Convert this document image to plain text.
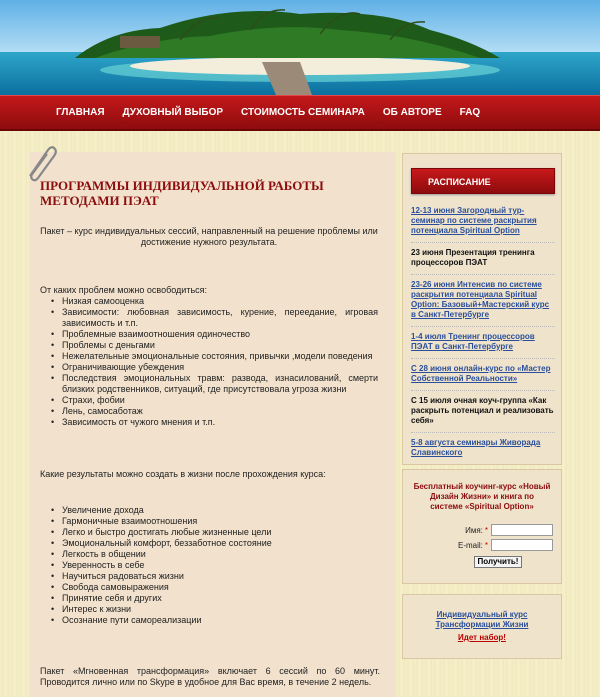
ГЛАВНАЯ ДУХОВНЫЙ ВЫБОР СТОИМОСТЬ СЕМИНАРА ОБ АВТОРЕ FAQ
ПРОГРАММЫ ИНДИВИДУАЛЬНОЙ РАБОТЫ МЕТОДАМИ ПЭАТ
Пакет – курс индивидуальных сессий, направленный на решение проблемы или достижение нужного результата.
От каких проблем можно освободиться:
• Низкая самооценка
• Зависимости: любовная зависимость, курение, переедание, игровая зависимость и т.п.
• Проблемные взаимоотношения одиночество
• Проблемы с деньгами
• Нежелательные эмоциональные состояния, привычки ,модели поведения
• Ограничивающие убеждения
• Последствия эмоциональных травм: развода, изнасилований, смерти близких родственников, ситуаций, где присутствовала угроза жизни
• Страхи, фобии
• Лень, самосаботаж
• Зависимость от чужого мнения и т.п.
Какие результаты можно создать в жизни после прохождения курса:
• Увеличение дохода
• Гармоничные взаимоотношения
• Легко и быстро достигать любые жизненные цели
• Эмоциональный комфорт, беззаботное состояние
• Легкость в общении
• Уверенность в себе
• Научиться радоваться жизни
• Свобода самовыражения
• Принятие себя и других
• Интерес к жизни
• Осознание пути самореализации
Пакет «Мгновенная трансформация» включает 6 сессий по 60 минут. Проводится лично или по Skype в удобное для Вас время, в течение 2 недель.
РАСПИСАНИЕ
12-13 июня Загородный тур-семинар по системе раскрытия потенциала Spiritual Option
23 июня Презентация тренинга процессоров ПЭАТ
23-26 июня Интенсив по системе раскрытия потенциала Spiritual Option: Базовый+Мастерский курс в Санкт-Петербурге
1-4 июля Тренинг процессоров ПЭАТ в Санкт-Петербурге
С 28 июня онлайн-курс по «Мастер Собственной Реальности»
С 15 июля очная коуч-группа «Как раскрыть потенциал и реализовать себя»
5-8 августа семинары Живорада Славинского
Бесплатный коучинг-курс «Новый Дизайн Жизни» и книга по системе «Spiritual Option»
Имя: *
E-mail: *
Получить!
Индивидуальный курс Трансформации Жизни
Идет набор!
